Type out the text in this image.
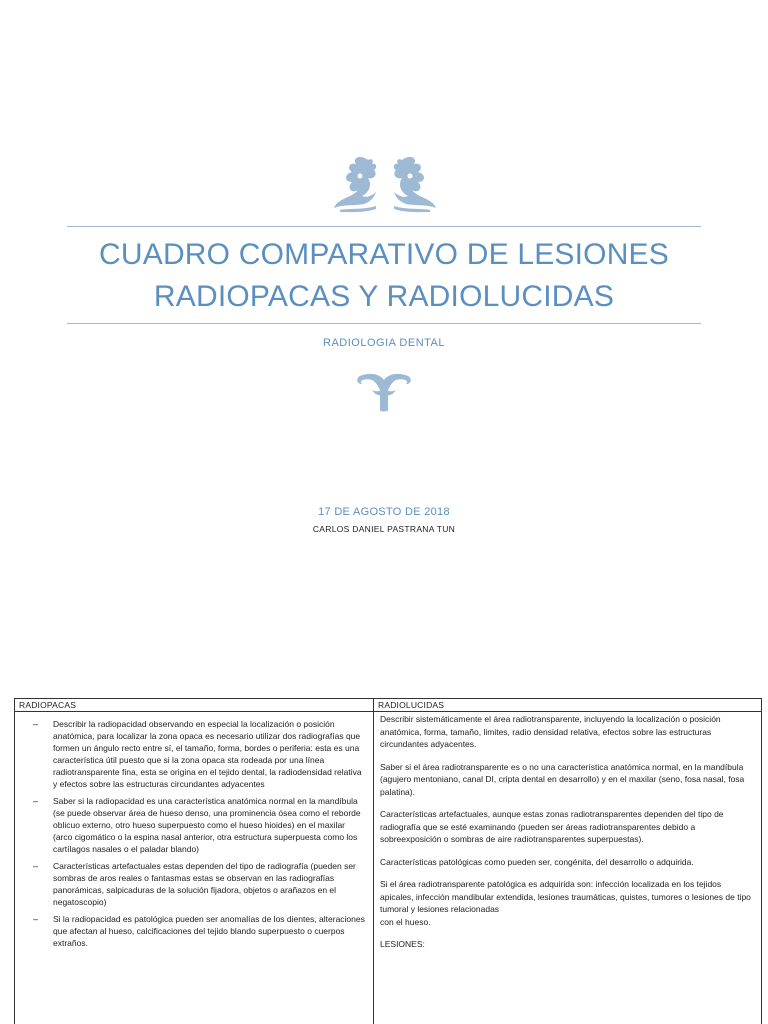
CUADRO COMPARATIVO DE LESIONES
RADIOPACAS Y RADIOLUCIDAS
RADIOLOGIA DENTAL
17 DE AGOSTO DE 2018
CARLOS DANIEL PASTRANA TUN
RADIOPACAS
– Describir la radiopacidad observando en especial la localización o posición anatómica, para localizar la zona opaca es necesario utilizar dos radiografías que formen un ángulo recto entre sí, el tamaño, forma, bordes o periferia: esta es una característica útil puesto que si la zona opaca sta rodeada por una línea radiotransparente fina, esta se origina en el tejido dental, la radiodensidad relativa y efectos sobre las estructuras circundantes adyacentes
– Saber si la radiopacidad es una característica anatómica normal en la mandíbula (se puede observar área de hueso denso, una prominencia ósea como el reborde oblicuo externo, otro hueso superpuesto como el hueso hioides) en el maxilar (arco cigomático o la espina nasal anterior, otra estructura superpuesta como los cartílagos nasales o el paladar blando)
– Características artefactuales estas dependen del tipo de radiografía (pueden ser sombras de aros reales o fantasmas estas se observan en las radiografías panorámicas, salpicaduras de la solución fijadora, objetos o arañazos en el negatoscopio)
– Si la radiopacidad es patológica pueden ser anomalías de los dientes, alteraciones que afectan al hueso, calcificaciones del tejido blando superpuesto o cuerpos extraños.
RADIOLUCIDAS

Describir sistemáticamente el área radiotransparente, incluyendo la localización o posición anatómica, forma, tamaño, limites, radio densidad relativa, efectos sobre las estructuras circundantes adyacentes.

Saber si el área radiotransparente es o no una característica anatómica normal, en la mandíbula (agujero mentoniano, canal DI, cripta dental en desarrollo) y en el maxilar (seno, fosa nasal, fosa palatina).

Características artefactuales, aunque estas zonas radiotransparentes dependen del tipo de radiografía que se esté examinando (pueden ser áreas radiotransparentes debido a sobreexposición o sombras de aire radiotransparentes superpuestas).

Características patológicas como pueden ser, congénita, del desarrollo o adquirida.

Si el área radiotransparente patológica es adquirida son: infección localizada en los tejidos apicales, infección mandibular extendida, lesiones traumáticas, quistes, tumores o lesiones de tipo tumoral y lesiones relacionadas

con el hueso.

LESIONES:
